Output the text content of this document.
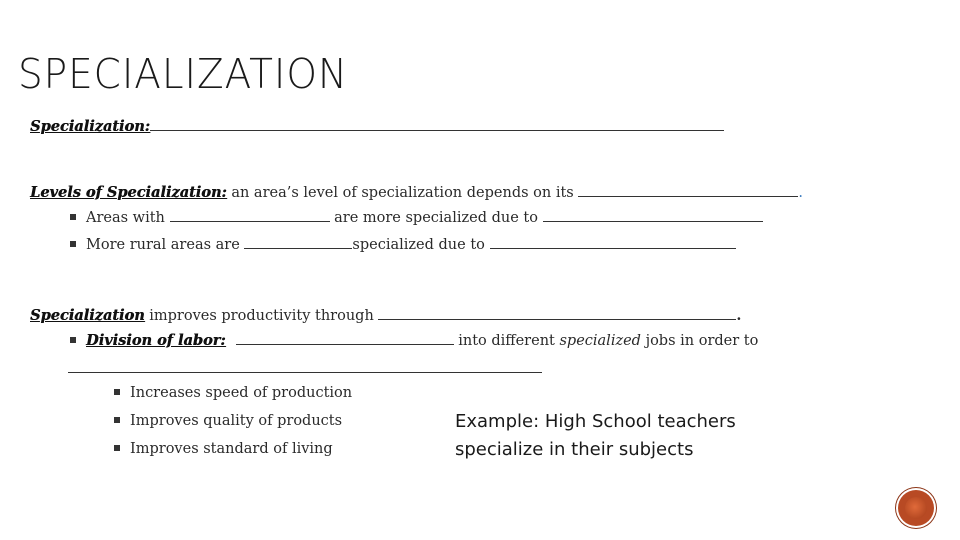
SPECIALIZATION
Specialization:
Levels of Specialization: an area’s level of specialization depends on its	.
Areas with	are more specialized due to
More rural areas are	specialized due to
Specialization improves productivity through	.
Division of labor:	into different specialized jobs in order to
Increases speed of production
Improves quality of products
Improves standard of living
Example: High School teachers
specialize in their subjects
